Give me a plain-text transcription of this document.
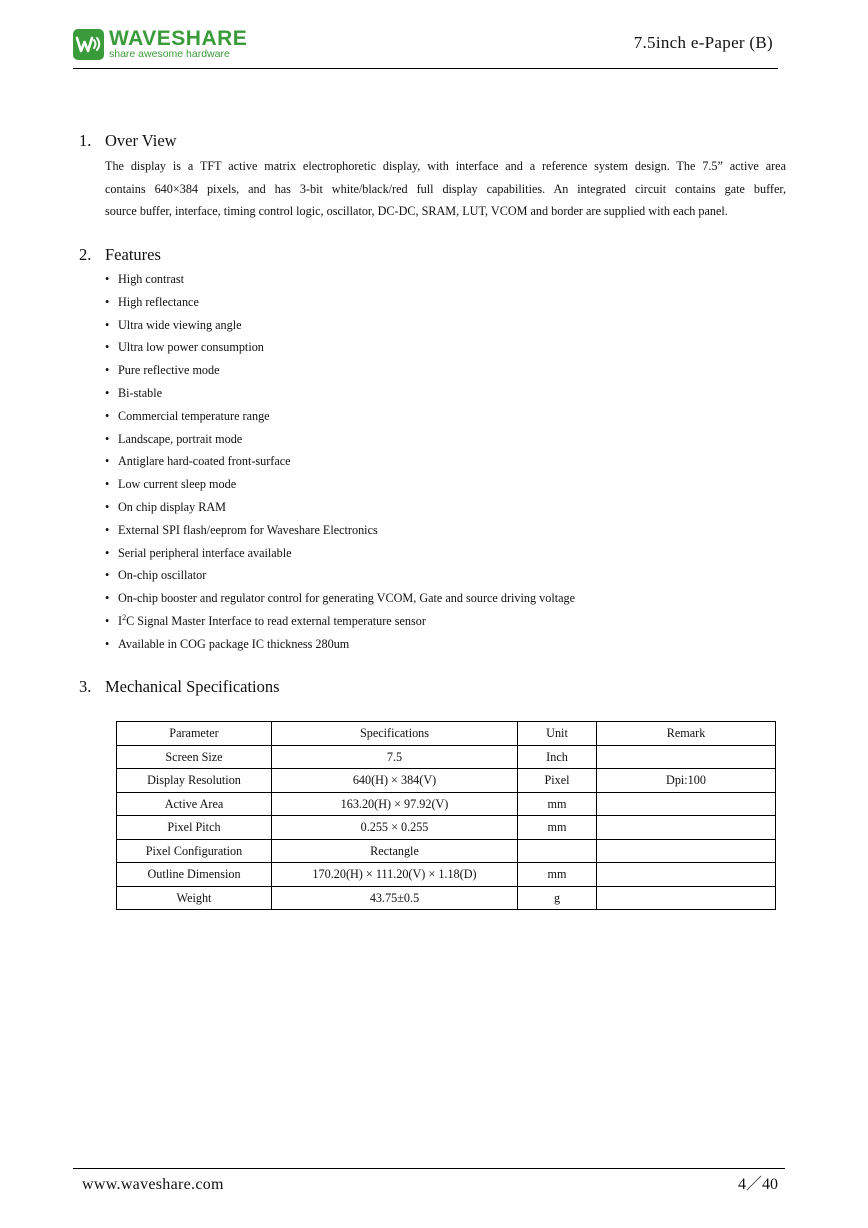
WAVESHARE
share awesome hardware
7.5inch e-Paper (B)
1. Over View

The display is a TFT active matrix electrophoretic display, with interface and a reference system design. The 7.5” active area

contains 640×384 pixels, and has 3-bit white/black/red full display capabilities. An integrated circuit contains gate buffer,

source buffer, interface, timing control logic, oscillator, DC-DC, SRAM, LUT, VCOM and border are supplied with each panel.

2. Features
• High contrast
• High reflectance
• Ultra wide viewing angle
• Ultra low power consumption
• Pure reflective mode
• Bi-stable
• Commercial temperature range
• Landscape, portrait mode
• Antiglare hard-coated front-surface
• Low current sleep mode
• On chip display RAM
• External SPI flash/eeprom for Waveshare Electronics
• Serial peripheral interface available
• On-chip oscillator
• On-chip booster and regulator control for generating VCOM, Gate and source driving voltage
• $I^2C$ Signal Master Interface to read external temperature sensor
• Available in COG package IC thickness 280um
3. Mechanical Specifications
Parameter	Specifications	Unit	Remark
Screen Size	7.5	Inch	
Display Resolution	640(H) × 384(V)	Pixel	Dpi:100
Active Area	163.20(H) × 97.92(V)	mm	
Pixel Pitch	0.255 × 0.255	mm	
Pixel Configuration	Rectangle		
Outline Dimension	170.20(H) × 111.20(V) × 1.18(D)	mm	
Weight	43.75±0.5	g	
www.waveshare.com	4／40
